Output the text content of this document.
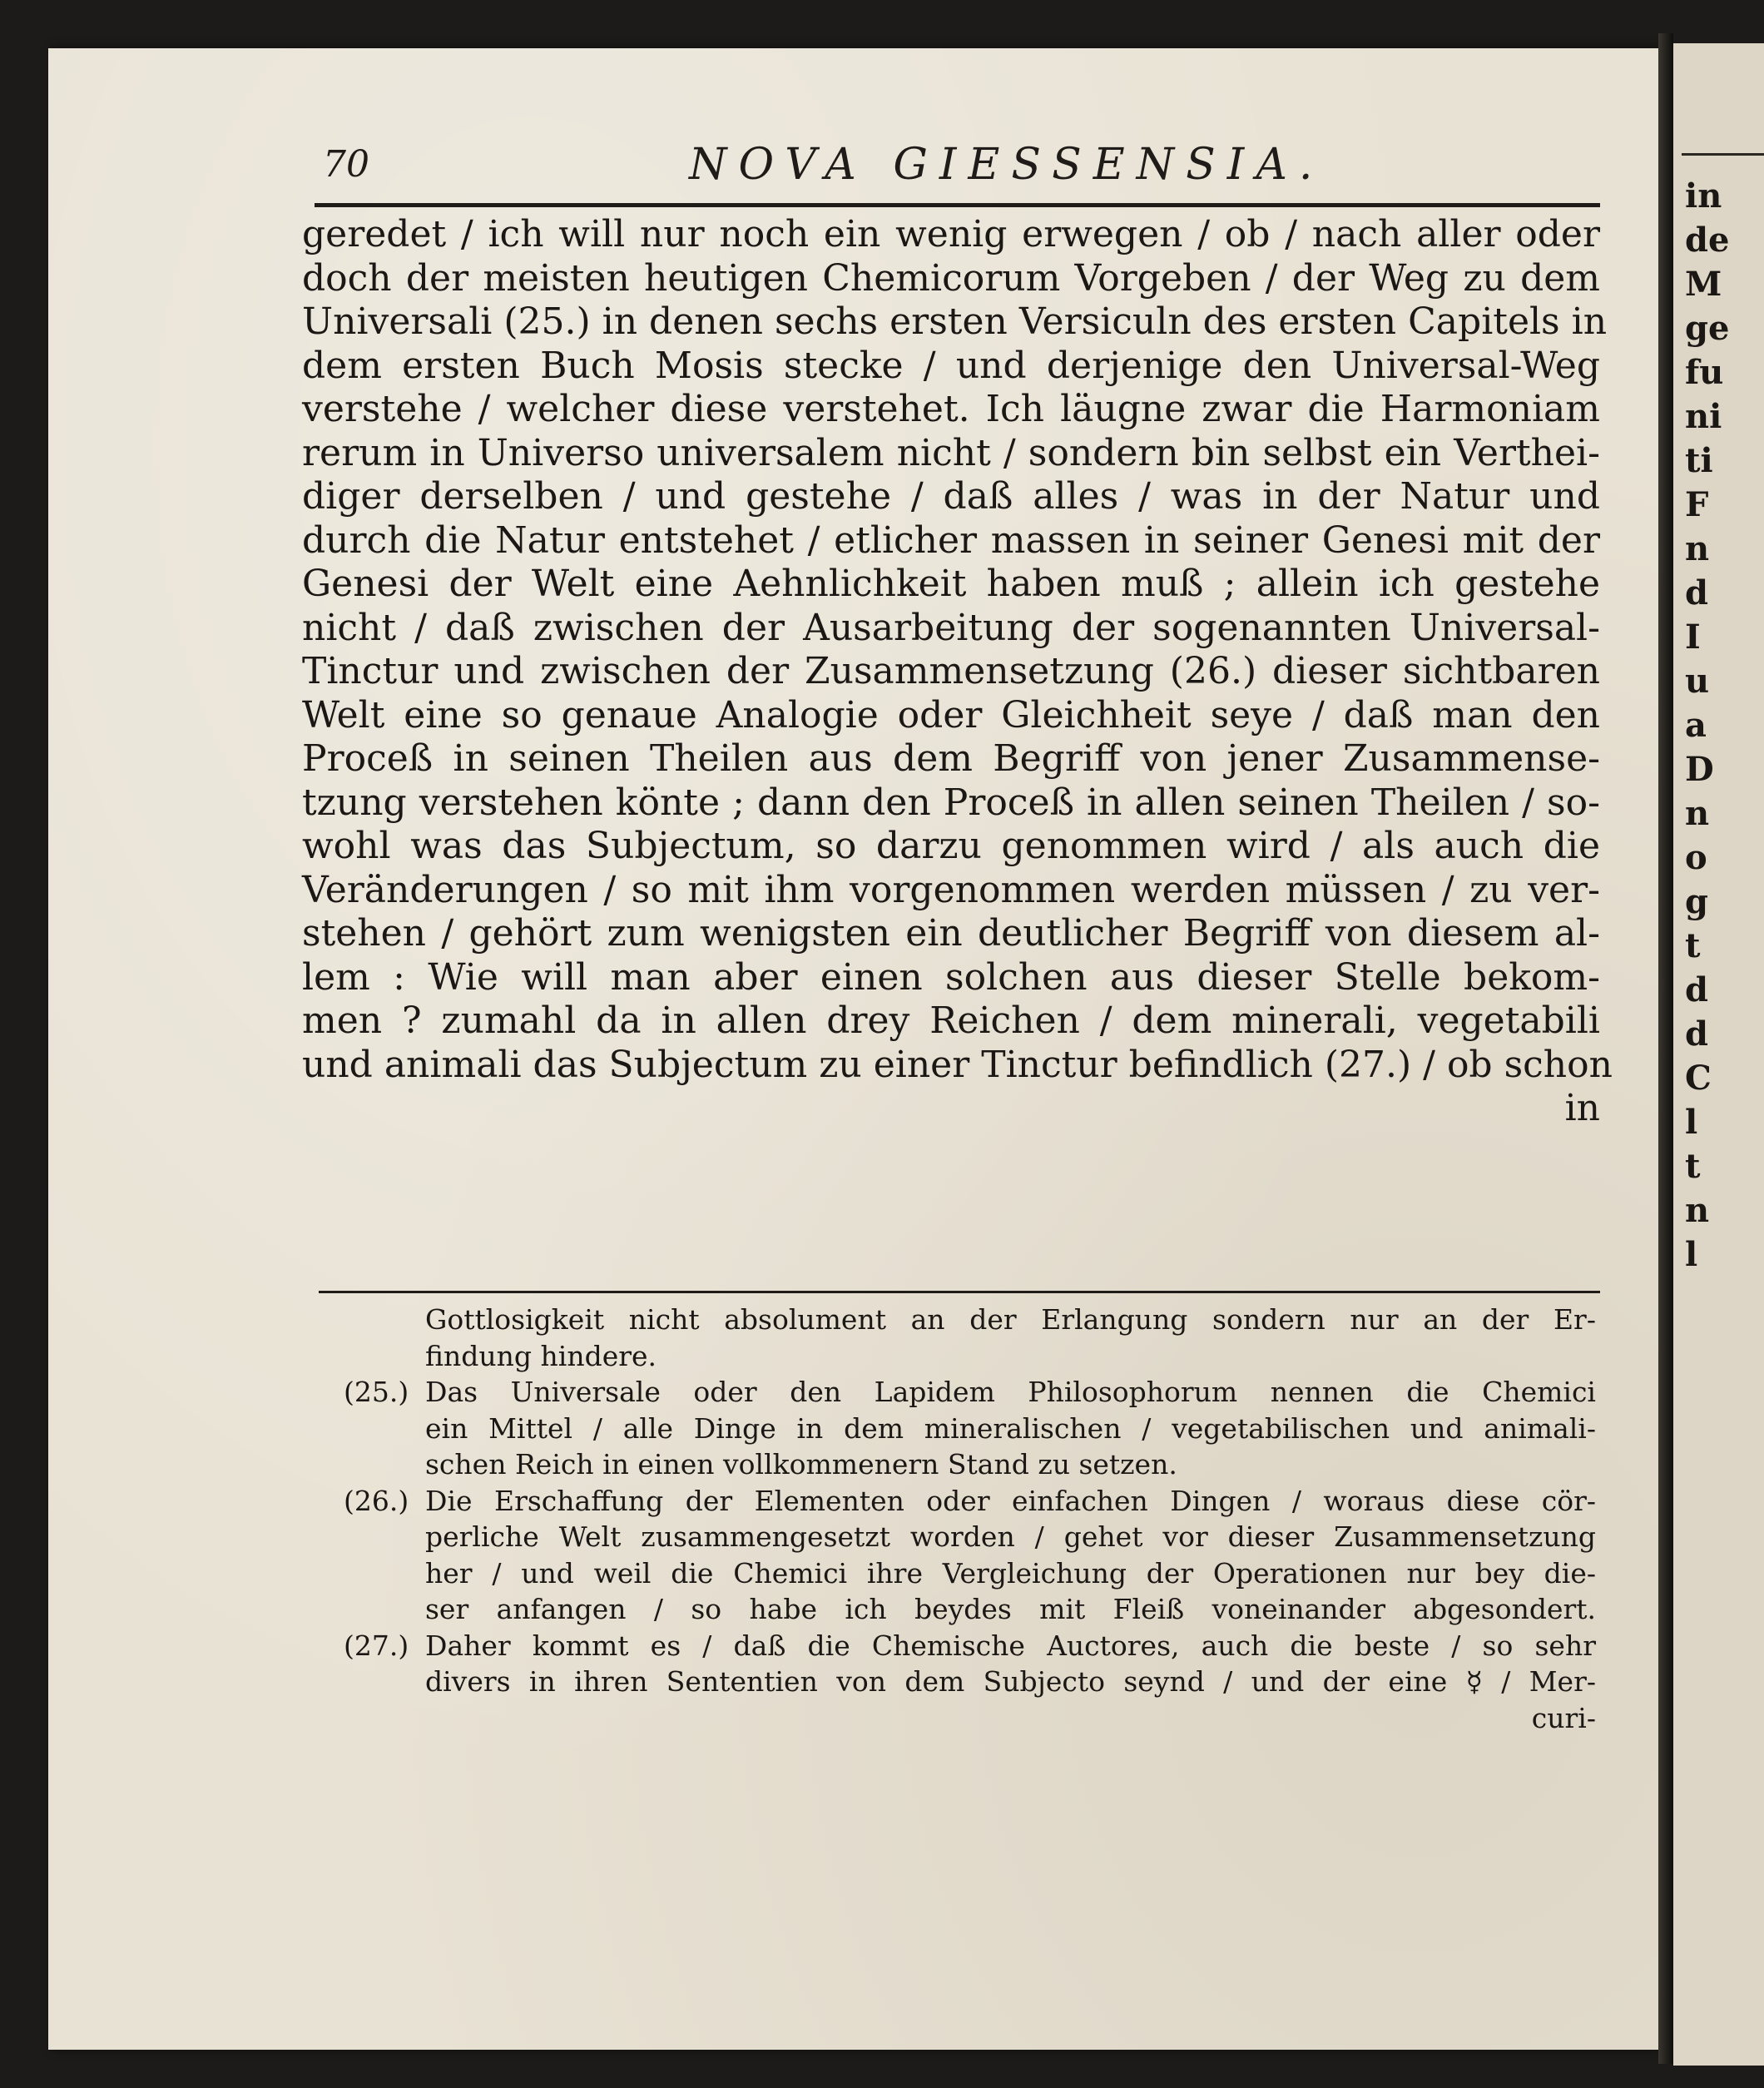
70	NOVA GIESSENSIA.
geredet / ich will nur noch ein wenig erwegen / ob / nach aller oder
doch der meisten heutigen Chemicorum Vorgeben / der Weg zu dem
Universali (25.) in denen sechs ersten Versiculn des ersten Capitels in
dem ersten Buch Mosis stecke / und derjenige den Universal-Weg
verstehe / welcher diese verstehet. Ich läugne zwar die Harmoniam
rerum in Universo universalem nicht / sondern bin selbst ein Verthei-
diger derselben / und gestehe / daß alles / was in der Natur und
durch die Natur entstehet / etlicher massen in seiner Genesi mit der
Genesi der Welt eine Aehnlichkeit haben muß ; allein ich gestehe
nicht / daß zwischen der Ausarbeitung der sogenannten Universal-
Tinctur und zwischen der Zusammensetzung (26.) dieser sichtbaren
Welt eine so genaue Analogie oder Gleichheit seye / daß man den
Proceß in seinen Theilen aus dem Begriff von jener Zusammense-
tzung verstehen könte ; dann den Proceß in allen seinen Theilen / so-
wohl was das Subjectum, so darzu genommen wird / als auch die
Veränderungen / so mit ihm vorgenommen werden müssen / zu ver-
stehen / gehört zum wenigsten ein deutlicher Begriff von diesem al-
lem : Wie will man aber einen solchen aus dieser Stelle bekom-
men ? zumahl da in allen drey Reichen / dem minerali, vegetabili
und animali das Subjectum zu einer Tinctur befindlich (27.) / ob schon
in
Gottlosigkeit nicht absolument an der Erlangung sondern nur an der Er-
findung hindere.
(25.) Das Universale oder den Lapidem Philosophorum nennen die Chemici
ein Mittel / alle Dinge in dem mineralischen / vegetabilischen und animali-
schen Reich in einen vollkommenern Stand zu setzen.
(26.) Die Erschaffung der Elementen oder einfachen Dingen / woraus diese cör-
perliche Welt zusammengesetzt worden / gehet vor dieser Zusammensetzung
her / und weil die Chemici ihre Vergleichung der Operationen nur bey die-
ser anfangen / so habe ich beydes mit Fleiß voneinander abgesondert.
(27.) Daher kommt es / daß die Chemische Auctores, auch die beste / so sehr
divers in ihren Sententien von dem Subjecto seynd / und der eine ☿ / Mer-
curi-
in
de
M
ge
fu
ni
ti
F
n
d
I
u
a
D
n
o
g
t
d
d
C
l
t
n
l
